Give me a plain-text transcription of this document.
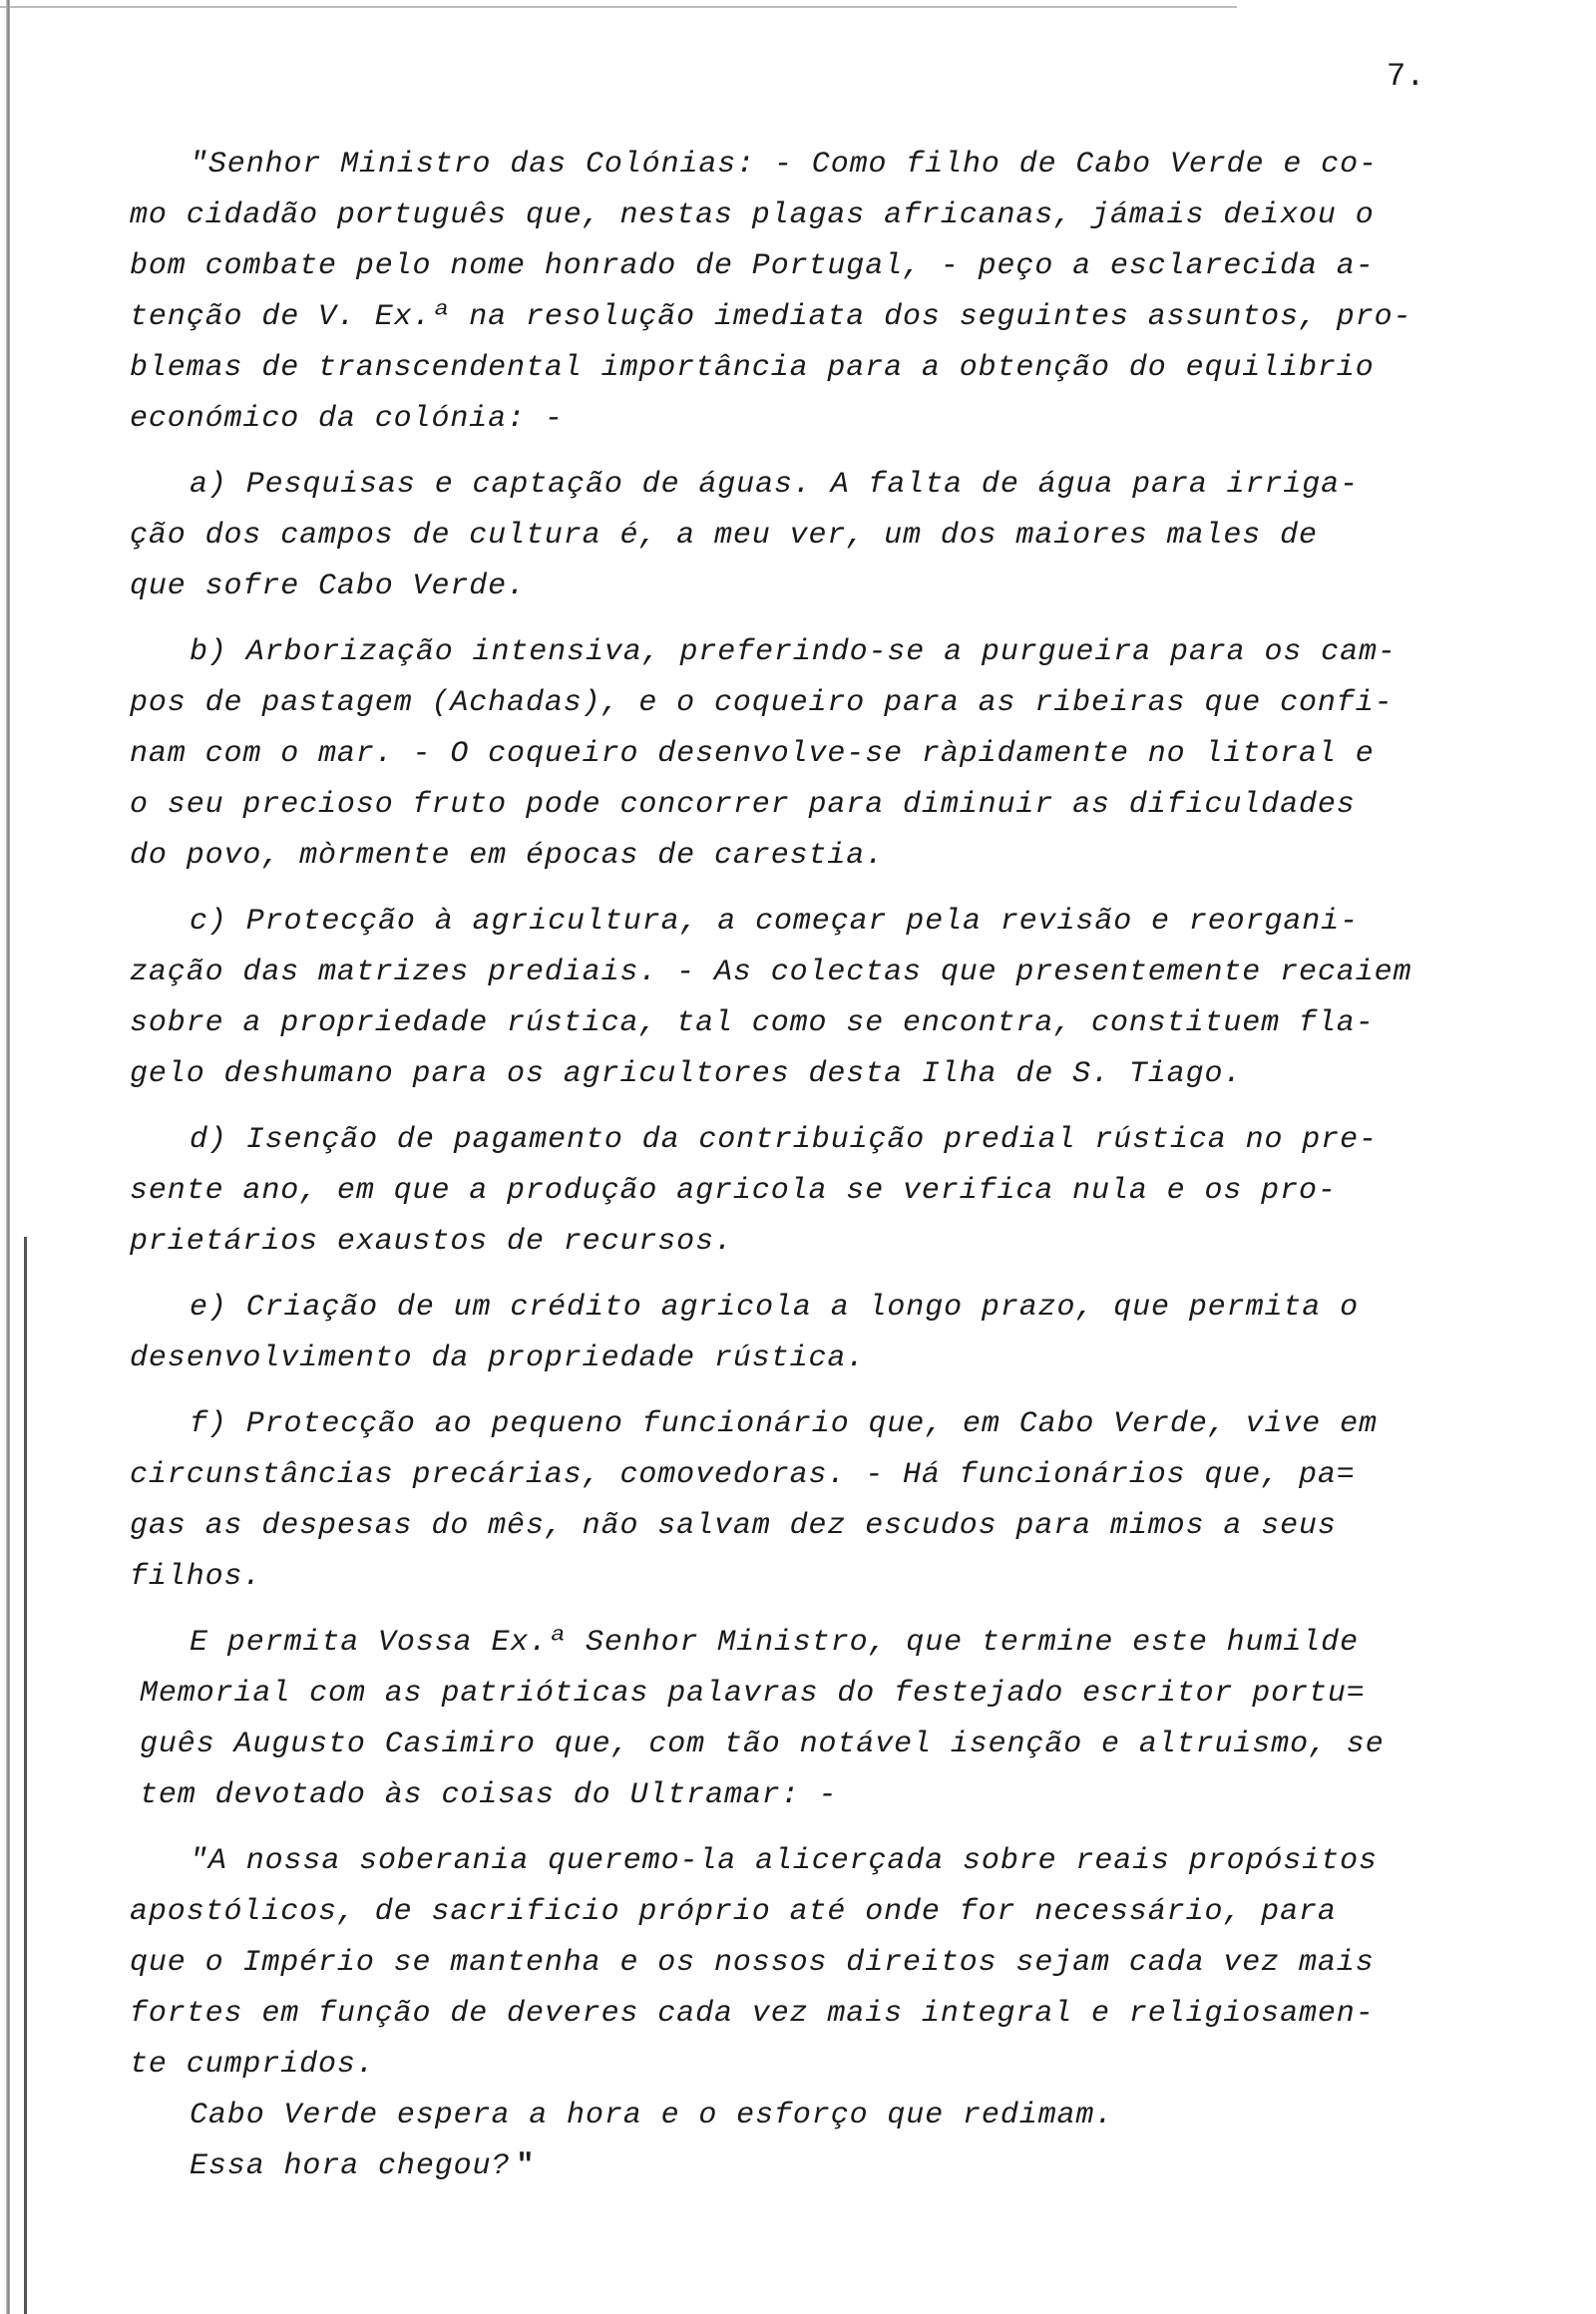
7.
"Senhor Ministro das Colónias: - Como filho de Cabo Verde e co-
mo cidadão português que, nestas plagas africanas, jámais deixou o
bom combate pelo nome honrado de Portugal, - peço a esclarecida a-
tenção de V. Ex.ª na resolução imediata dos seguintes assuntos, pro-
blemas de transcendental importância para a obtenção do equilibrio
económico da colónia: -
a) Pesquisas e captação de águas. A falta de água para irriga-
ção dos campos de cultura é, a meu ver, um dos maiores males de
que sofre Cabo Verde.
b) Arborização intensiva, preferindo-se a purgueira para os cam-
pos de pastagem (Achadas), e o coqueiro para as ribeiras que confi-
nam com o mar. - O coqueiro desenvolve-se ràpidamente no litoral e
o seu precioso fruto pode concorrer para diminuir as dificuldades
do povo, mòrmente em épocas de carestia.
c) Protecção à agricultura, a começar pela revisão e reorgani-
zação das matrizes prediais. - As colectas que presentemente recaiem
sobre a propriedade rústica, tal como se encontra, constituem fla-
gelo deshumano para os agricultores desta Ilha de S. Tiago.
d) Isenção de pagamento da contribuição predial rústica no pre-
sente ano, em que a produção agricola se verifica nula e os pro-
prietários exaustos de recursos.
e) Criação de um crédito agricola a longo prazo, que permita o
desenvolvimento da propriedade rústica.
f) Protecção ao pequeno funcionário que, em Cabo Verde, vive em
circunstâncias precárias, comovedoras. - Há funcionários que, pa=
gas as despesas do mês, não salvam dez escudos para mimos a seus
filhos.
E permita Vossa Ex.ª Senhor Ministro, que termine este humilde
Memorial com as patrióticas palavras do festejado escritor portu=
guês Augusto Casimiro que, com tão notável isenção e altruismo, se
tem devotado às coisas do Ultramar: -
"A nossa soberania queremo-la alicerçada sobre reais propósitos
apostólicos, de sacrificio próprio até onde for necessário, para
que o Império se mantenha e os nossos direitos sejam cada vez mais
fortes em função de deveres cada vez mais integral e religiosamen-
te cumpridos.
Cabo Verde espera a hora e o esforço que redimam.
Essa hora chegou? "
